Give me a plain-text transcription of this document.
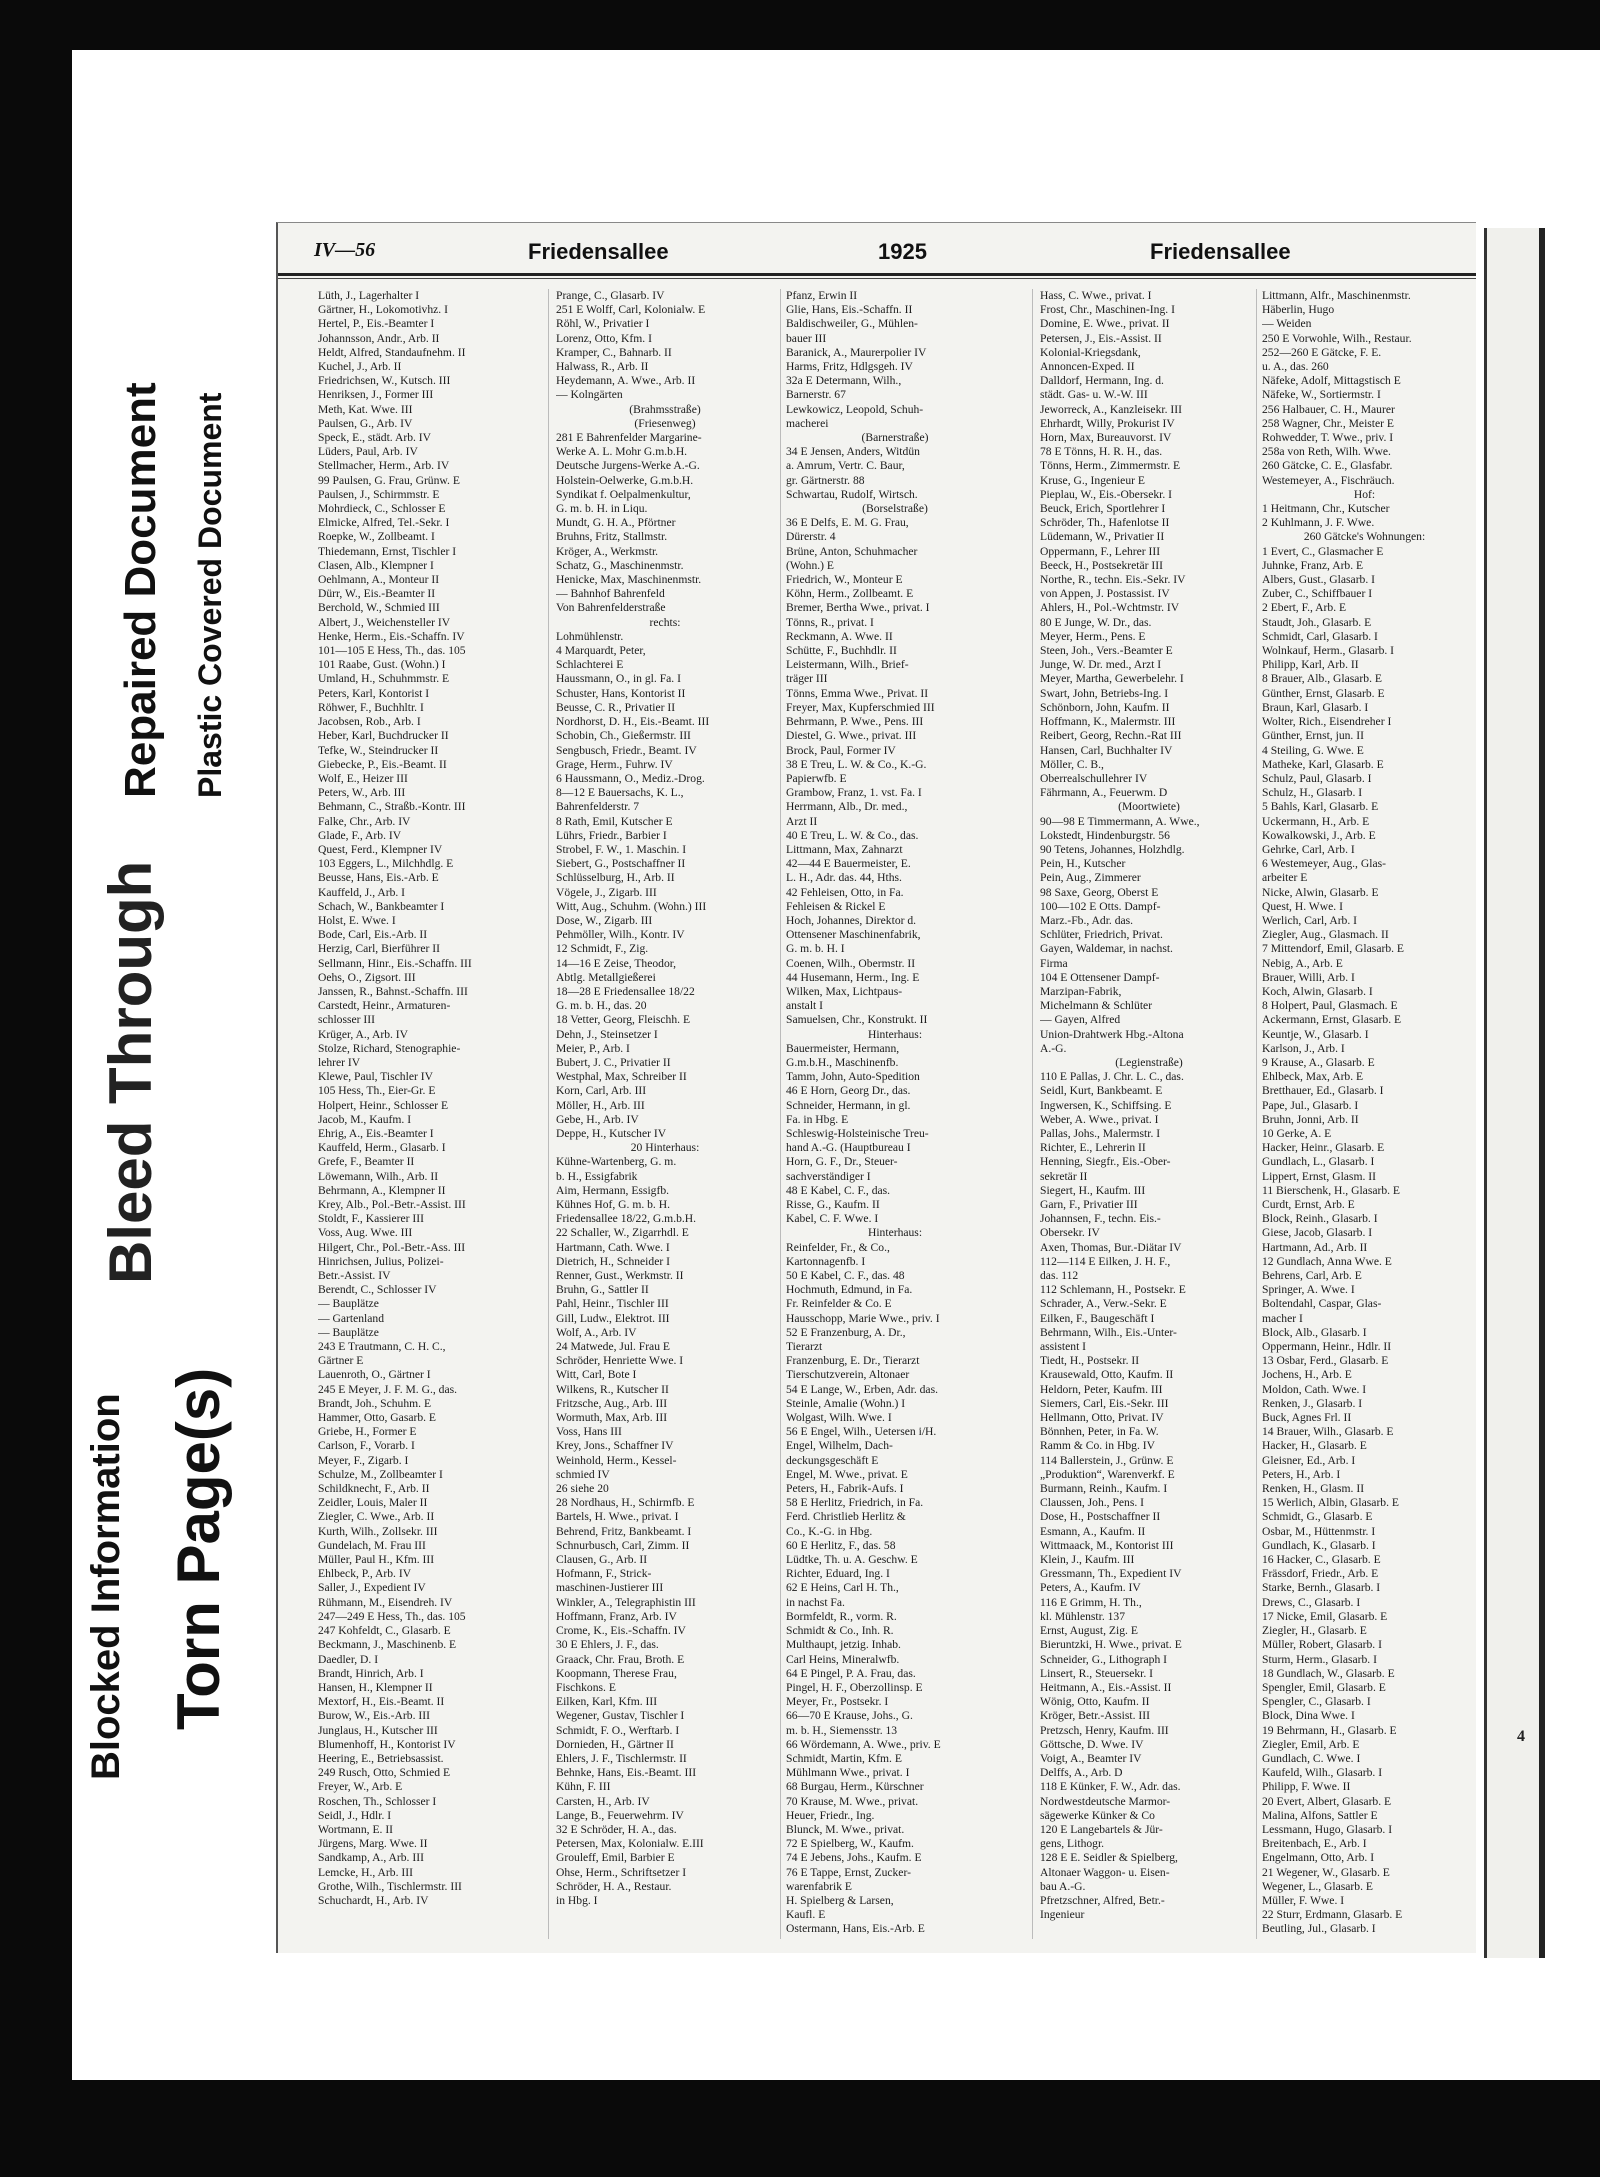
Blocked Information
Bleed Through
Repaired Document
Torn Page(s)
Plastic Covered Document
IV—56	Friedensallee	1925	Friedensallee
Lüth, J., Lagerhalter I
Gärtner, H., Lokomotivhz. I
Hertel, P., Eis.-Beamter I
Johannsson, Andr., Arb. II
Heldt, Alfred, Standaufnehm. II
Kuchel, J., Arb. II
Friedrichsen, W., Kutsch. III
Henriksen, J., Former III
Meth, Kat. Wwe. III
Paulsen, G., Arb. IV
Speck, E., städt. Arb. IV
Lüders, Paul, Arb. IV
Stellmacher, Herm., Arb. IV
99 Paulsen, G. Frau, Grünw. E
Paulsen, J., Schirmmstr. E
Mohrdieck, C., Schlosser E
Elmicke, Alfred, Tel.-Sekr. I
Roepke, W., Zollbeamt. I
Thiedemann, Ernst, Tischler I
Clasen, Alb., Klempner I
Oehlmann, A., Monteur II
Dürr, W., Eis.-Beamter II
Berchold, W., Schmied III
Albert, J., Weichensteller IV
Henke, Herm., Eis.-Schaffn. IV
101—105 E Hess, Th., das. 105
101 Raabe, Gust. (Wohn.) I
Umland, H., Schuhmmstr. E
Peters, Karl, Kontorist I
Röhwer, F., Buchhltr. I
Jacobsen, Rob., Arb. I
Heber, Karl, Buchdrucker II
Tefke, W., Steindrucker II
Giebecke, P., Eis.-Beamt. II
Wolf, E., Heizer III
Peters, W., Arb. III
Behmann, C., Straßb.-Kontr. III
Falke, Chr., Arb. IV
Glade, F., Arb. IV
Quest, Ferd., Klempner IV
103 Eggers, L., Milchhdlg. E
Beusse, Hans, Eis.-Arb. E
Kauffeld, J., Arb. I
Schach, W., Bankbeamter I
Holst, E. Wwe. I
Bode, Carl, Eis.-Arb. II
Herzig, Carl, Bierführer II
Sellmann, Hinr., Eis.-Schaffn. III
Oehs, O., Zigsort. III
Janssen, R., Bahnst.-Schaffn. III
Carstedt, Heinr., Armaturen-
schlosser III
Krüger, A., Arb. IV
Stolze, Richard, Stenographie-
lehrer IV
Klewe, Paul, Tischler IV
105 Hess, Th., Eier-Gr. E
Holpert, Heinr., Schlosser E
Jacob, M., Kaufm. I
Ehrig, A., Eis.-Beamter I
Kauffeld, Herm., Glasarb. I
Grefe, F., Beamter II
Löwemann, Wilh., Arb. II
Behrmann, A., Klempner II
Krey, Alb., Pol.-Betr.-Assist. III
Stoldt, F., Kassierer III
Voss, Aug. Wwe. III
Hilgert, Chr., Pol.-Betr.-Ass. III
Hinrichsen, Julius, Polizei-
Betr.-Assist. IV
Berendt, C., Schlosser IV
— Bauplätze
— Gartenland
— Bauplätze
243 E Trautmann, C. H. C.,
Gärtner E
Lauenroth, O., Gärtner I
245 E Meyer, J. F. M. G., das.
Brandt, Joh., Schuhm. E
Hammer, Otto, Gasarb. E
Griebe, H., Former E
Carlson, F., Vorarb. I
Meyer, F., Zigarb. I
Schulze, M., Zollbeamter I
Schildknecht, F., Arb. II
Zeidler, Louis, Maler II
Ziegler, C. Wwe., Arb. II
Kurth, Wilh., Zollsekr. III
Gundelach, M. Frau III
Müller, Paul H., Kfm. III
Ehlbeck, P., Arb. IV
Saller, J., Expedient IV
Rühmann, M., Eisendreh. IV
247—249 E Hess, Th., das. 105
247 Kohfeldt, C., Glasarb. E
Beckmann, J., Maschinenb. E
Daedler, D. I
Brandt, Hinrich, Arb. I
Hansen, H., Klempner II
Mextorf, H., Eis.-Beamt. II
Burow, W., Eis.-Arb. III
Junglaus, H., Kutscher III
Blumenhoff, H., Kontorist IV
Heering, E., Betriebsassist.
249 Rusch, Otto, Schmied E
Freyer, W., Arb. E
Roschen, Th., Schlosser I
Seidl, J., Hdlr. I
Wortmann, E. II
Jürgens, Marg. Wwe. II
Sandkamp, A., Arb. III
Lemcke, H., Arb. III
Grothe, Wilh., Tischlermstr. III
Schuchardt, H., Arb. IV
Prange, C., Glasarb. IV
251 E Wolff, Carl, Kolonialw. E
Röhl, W., Privatier I
Lorenz, Otto, Kfm. I
Kramper, C., Bahnarb. II
Halwass, R., Arb. II
Heydemann, A. Wwe., Arb. II
— Kolngärten
(Brahmsstraße)
(Friesenweg)
281 E Bahrenfelder Margarine-
Werke A. L. Mohr G.m.b.H.
Deutsche Jurgens-Werke A.-G.
Holstein-Oelwerke, G.m.b.H.
Syndikat f. Oelpalmenkultur,
G. m. b. H. in Liqu.
Mundt, G. H. A., Pförtner
Bruhns, Fritz, Stallmstr.
Kröger, A., Werkmstr.
Schatz, G., Maschinenmstr.
Henicke, Max, Maschinenmstr.
— Bahnhof Bahrenfeld
Von Bahrenfelderstraße
rechts:
Lohmühlenstr.
4 Marquardt, Peter,
Schlachterei E
Haussmann, O., in gl. Fa. I
Schuster, Hans, Kontorist II
Beusse, C. R., Privatier II
Nordhorst, D. H., Eis.-Beamt. III
Schobin, Ch., Gießermstr. III
Sengbusch, Friedr., Beamt. IV
Grage, Herm., Fuhrw. IV
6 Haussmann, O., Mediz.-Drog.
8—12 E Bauersachs, K. L.,
Bahrenfelderstr. 7
8 Rath, Emil, Kutscher E
Lührs, Friedr., Barbier I
Strobel, F. W., 1. Maschin. I
Siebert, G., Postschaffner II
Schlüsselburg, H., Arb. II
Vögele, J., Zigarb. III
Witt, Aug., Schuhm. (Wohn.) III
Dose, W., Zigarb. III
Pehmöller, Wilh., Kontr. IV
12 Schmidt, F., Zig.
14—16 E Zeise, Theodor,
Abtlg. Metallgießerei
18—28 E Friedensallee 18/22
G. m. b. H., das. 20
18 Vetter, Georg, Fleischh. E
Dehn, J., Steinsetzer I
Meier, P., Arb. I
Bubert, J. C., Privatier II
Westphal, Max, Schreiber II
Korn, Carl, Arb. III
Möller, H., Arb. III
Gebe, H., Arb. IV
Deppe, H., Kutscher IV
20 Hinterhaus:
Kühne-Wartenberg, G. m.
b. H., Essigfabrik
Aim, Hermann, Essigfb.
Kühnes Hof, G. m. b. H.
Friedensallee 18/22, G.m.b.H.
22 Schaller, W., Zigarrhdl. E
Hartmann, Cath. Wwe. I
Dietrich, H., Schneider I
Renner, Gust., Werkmstr. II
Bruhn, G., Sattler II
Pahl, Heinr., Tischler III
Gill, Ludw., Elektrot. III
Wolf, A., Arb. IV
24 Matwede, Jul. Frau E
Schröder, Henriette Wwe. I
Witt, Carl, Bote I
Wilkens, R., Kutscher II
Fritzsche, Aug., Arb. III
Wormuth, Max, Arb. III
Voss, Hans III
Krey, Jons., Schaffner IV
Weinhold, Herm., Kessel-
schmied IV
26 siehe 20
28 Nordhaus, H., Schirmfb. E
Bartels, H. Wwe., privat. I
Behrend, Fritz, Bankbeamt. I
Schnurbusch, Carl, Zimm. II
Clausen, G., Arb. II
Hofmann, F., Strick-
maschinen-Justierer III
Winkler, A., Telegraphistin III
Hoffmann, Franz, Arb. IV
Crome, K., Eis.-Schaffn. IV
30 E Ehlers, J. F., das.
Graack, Chr. Frau, Broth. E
Koopmann, Therese Frau,
Fischkons. E
Eilken, Karl, Kfm. III
Wegener, Gustav, Tischler I
Schmidt, F. O., Werftarb. I
Dornieden, H., Gärtner II
Ehlers, J. F., Tischlermstr. II
Behnke, Hans, Eis.-Beamt. III
Kühn, F. III
Carsten, H., Arb. IV
Lange, B., Feuerwehrm. IV
32 E Schröder, H. A., das.
Petersen, Max, Kolonialw. E.III
Grouleff, Emil, Barbier E
Ohse, Herm., Schriftsetzer I
Schröder, H. A., Restaur.
in Hbg. I
Pfanz, Erwin II
Glie, Hans, Eis.-Schaffn. II
Baldischweiler, G., Mühlen-
bauer III
Baranick, A., Maurerpolier IV
Harms, Fritz, Hdlgsgeh. IV
32a E Determann, Wilh.,
Barnerstr. 67
Lewkowicz, Leopold, Schuh-
macherei
(Barnerstraße)
34 E Jensen, Anders, Witdün
a. Amrum, Vertr. C. Baur,
gr. Gärtnerstr. 88
Schwartau, Rudolf, Wirtsch.
(Borselstraße)
36 E Delfs, E. M. G. Frau,
Dürerstr. 4
Brüne, Anton, Schuhmacher
(Wohn.) E
Friedrich, W., Monteur E
Köhn, Herm., Zollbeamt. E
Bremer, Bertha Wwe., privat. I
Tönns, R., privat. I
Reckmann, A. Wwe. II
Schütte, F., Buchhdlr. II
Leistermann, Wilh., Brief-
träger III
Tönns, Emma Wwe., Privat. II
Freyer, Max, Kupferschmied III
Behrmann, P. Wwe., Pens. III
Diestel, G. Wwe., privat. III
Brock, Paul, Former IV
38 E Treu, L. W. & Co., K.-G.
Papierwfb. E
Grambow, Franz, 1. vst. Fa. I
Herrmann, Alb., Dr. med.,
Arzt II
40 E Treu, L. W. & Co., das.
Littmann, Max, Zahnarzt
42—44 E Bauermeister, E.
L. H., Adr. das. 44, Hths.
42 Fehleisen, Otto, in Fa.
Fehleisen & Rickel E
Hoch, Johannes, Direktor d.
Ottensener Maschinenfabrik,
G. m. b. H. I
Coenen, Wilh., Obermstr. II
44 Husemann, Herm., Ing. E
Wilken, Max, Lichtpaus-
anstalt I
Samuelsen, Chr., Konstrukt. II
Hinterhaus:
Bauermeister, Hermann,
G.m.b.H., Maschinenfb.
Tamm, John, Auto-Spedition
46 E Horn, Georg Dr., das.
Schneider, Hermann, in gl.
Fa. in Hbg. E
Schleswig-Holsteinische Treu-
hand A.-G. (Hauptbureau I
Horn, G. F., Dr., Steuer-
sachverständiger I
48 E Kabel, C. F., das.
Risse, G., Kaufm. II
Kabel, C. F. Wwe. I
Hinterhaus:
Reinfelder, Fr., & Co.,
Kartonnagenfb. I
50 E Kabel, C. F., das. 48
Hochmuth, Edmund, in Fa.
Fr. Reinfelder & Co. E
Hausschopp, Marie Wwe., priv. I
52 E Franzenburg, A. Dr.,
Tierarzt
Franzenburg, E. Dr., Tierarzt
Tierschutzverein, Altonaer
54 E Lange, W., Erben, Adr. das.
Steinle, Amalie (Wohn.) I
Wolgast, Wilh. Wwe. I
56 E Engel, Wilh., Uetersen i/H.
Engel, Wilhelm, Dach-
deckungsgeschäft E
Engel, M. Wwe., privat. E
Peters, H., Fabrik-Aufs. I
58 E Herlitz, Friedrich, in Fa.
Ferd. Christlieb Herlitz &
Co., K.-G. in Hbg.
60 E Herlitz, F., das. 58
Lüdtke, Th. u. A. Geschw. E
Richter, Eduard, Ing. I
62 E Heins, Carl H. Th.,
in nachst Fa.
Bormfeldt, R., vorm. R.
Schmidt & Co., Inh. R.
Multhaupt, jetzig. Inhab.
Carl Heins, Mineralwfb.
64 E Pingel, P. A. Frau, das.
Pingel, H. F., Oberzollinsp. E
Meyer, Fr., Postsekr. I
66—70 E Krause, Johs., G.
m. b. H., Siemensstr. 13
66 Wördemann, A. Wwe., priv. E
Schmidt, Martin, Kfm. E
Mühlmann Wwe., privat. I
68 Burgau, Herm., Kürschner
70 Krause, M. Wwe., privat.
Heuer, Friedr., Ing.
Blunck, M. Wwe., privat.
72 E Spielberg, W., Kaufm.
74 E Jebens, Johs., Kaufm. E
76 E Tappe, Ernst, Zucker-
warenfabrik E
H. Spielberg & Larsen,
Kaufl. E
Ostermann, Hans, Eis.-Arb. E
Hass, C. Wwe., privat. I
Frost, Chr., Maschinen-Ing. I
Domine, E. Wwe., privat. II
Petersen, J., Eis.-Assist. II
Kolonial-Kriegsdank,
Annoncen-Exped. II
Dalldorf, Hermann, Ing. d.
städt. Gas- u. W.-W. III
Jeworreck, A., Kanzleisekr. III
Ehrhardt, Willy, Prokurist IV
Horn, Max, Bureauvorst. IV
78 E Tönns, H. R. H., das.
Tönns, Herm., Zimmermstr. E
Kruse, G., Ingenieur E
Pieplau, W., Eis.-Obersekr. I
Beuck, Erich, Sportlehrer I
Schröder, Th., Hafenlotse II
Lüdemann, W., Privatier II
Oppermann, F., Lehrer III
Beeck, H., Postsekretär III
Northe, R., techn. Eis.-Sekr. IV
von Appen, J. Postassist. IV
Ahlers, H., Pol.-Wchtmstr. IV
80 E Junge, W. Dr., das.
Meyer, Herm., Pens. E
Steen, Joh., Vers.-Beamter E
Junge, W. Dr. med., Arzt I
Meyer, Martha, Gewerbelehr. I
Swart, John, Betriebs-Ing. I
Schönborn, John, Kaufm. II
Hoffmann, K., Malermstr. III
Reibert, Georg, Rechn.-Rat III
Hansen, Carl, Buchhalter IV
Möller, C. B.,
Oberrealschullehrer IV
Fährmann, A., Feuerwm. D
(Moortwiete)
90—98 E Timmermann, A. Wwe.,
Lokstedt, Hindenburgstr. 56
90 Tetens, Johannes, Holzhdlg.
Pein, H., Kutscher
Pein, Aug., Zimmerer
98 Saxe, Georg, Oberst E
100—102 E Otts. Dampf-
Marz.-Fb., Adr. das.
Schlüter, Friedrich, Privat.
Gayen, Waldemar, in nachst.
Firma
104 E Ottensener Dampf-
Marzipan-Fabrik,
Michelmann & Schlüter
— Gayen, Alfred
Union-Drahtwerk Hbg.-Altona
A.-G.
(Legienstraße)
110 E Pallas, J. Chr. L. C., das.
Seidl, Kurt, Bankbeamt. E
Ingwersen, K., Schiffsing. E
Weber, A. Wwe., privat. I
Pallas, Johs., Malermstr. I
Richter, E., Lehrerin II
Henning, Siegfr., Eis.-Ober-
sekretär II
Siegert, H., Kaufm. III
Garn, F., Privatier III
Johannsen, F., techn. Eis.-
Obersekr. IV
Axen, Thomas, Bur.-Diätar IV
112—114 E Eilken, J. H. F.,
das. 112
112 Schlemann, H., Postsekr. E
Schrader, A., Verw.-Sekr. E
Eilken, F., Baugeschäft I
Behrmann, Wilh., Eis.-Unter-
assistent I
Tiedt, H., Postsekr. II
Krausewald, Otto, Kaufm. II
Heldorn, Peter, Kaufm. III
Siemers, Carl, Eis.-Sekr. III
Hellmann, Otto, Privat. IV
Bönnhen, Peter, in Fa. W.
Ramm & Co. in Hbg. IV
114 Ballerstein, J., Grünw. E
„Produktion“, Warenverkf. E
Burmann, Reinh., Kaufm. I
Claussen, Joh., Pens. I
Dose, H., Postschaffner II
Esmann, A., Kaufm. II
Wittmaack, M., Kontorist III
Klein, J., Kaufm. III
Gressmann, Th., Expedient IV
Peters, A., Kaufm. IV
116 E Grimm, H. Th.,
kl. Mühlenstr. 137
Ernst, August, Zig. E
Bieruntzki, H. Wwe., privat. E
Schneider, G., Lithograph I
Linsert, R., Steuersekr. I
Heitmann, A., Eis.-Assist. II
Wönig, Otto, Kaufm. II
Kröger, Betr.-Assist. III
Pretzsch, Henry, Kaufm. III
Göttsche, D. Wwe. IV
Voigt, A., Beamter IV
Delffs, A., Arb. D
118 E Künker, F. W., Adr. das.
Nordwestdeutsche Marmor-
sägewerke Künker & Co
120 E Langebartels & Jür-
gens, Lithogr.
128 E E. Seidler & Spielberg,
Altonaer Waggon- u. Eisen-
bau A.-G.
Pfretzschner, Alfred, Betr.-
Ingenieur
Littmann, Alfr., Maschinenmstr.
Häberlin, Hugo
— Weiden
250 E Vorwohle, Wilh., Restaur.
252—260 E Gätcke, F. E.
u. A., das. 260
Näfeke, Adolf, Mittagstisch E
Näfeke, W., Sortiermstr. I
256 Halbauer, C. H., Maurer
258 Wagner, Chr., Meister E
Rohwedder, T. Wwe., priv. I
258a von Reth, Wilh. Wwe.
260 Gätcke, C. E., Glasfabr.
Westemeyer, A., Fischräuch.
Hof:
1 Heitmann, Chr., Kutscher
2 Kuhlmann, J. F. Wwe.
260 Gätcke's Wohnungen:
1 Evert, C., Glasmacher E
Juhnke, Franz, Arb. E
Albers, Gust., Glasarb. I
Zuber, C., Schiffbauer I
2 Ebert, F., Arb. E
Staudt, Joh., Glasarb. E
Schmidt, Carl, Glasarb. I
Wolnkauf, Herm., Glasarb. I
Philipp, Karl, Arb. II
8 Brauer, Alb., Glasarb. E
Günther, Ernst, Glasarb. E
Braun, Karl, Glasarb. I
Wolter, Rich., Eisendreher I
Günther, Ernst, jun. II
4 Steiling, G. Wwe. E
Matheke, Karl, Glasarb. E
Schulz, Paul, Glasarb. I
Schulz, H., Glasarb. I
5 Bahls, Karl, Glasarb. E
Uckermann, H., Arb. E
Kowalkowski, J., Arb. E
Gehrke, Carl, Arb. I
6 Westemeyer, Aug., Glas-
arbeiter E
Nicke, Alwin, Glasarb. E
Quest, H. Wwe. I
Werlich, Carl, Arb. I
Ziegler, Aug., Glasmach. II
7 Mittendorf, Emil, Glasarb. E
Nebig, A., Arb. E
Brauer, Willi, Arb. I
Koch, Alwin, Glasarb. I
8 Holpert, Paul, Glasmach. E
Ackermann, Ernst, Glasarb. E
Keuntje, W., Glasarb. I
Karlson, J., Arb. I
9 Krause, A., Glasarb. E
Ehlbeck, Max, Arb. E
Bretthauer, Ed., Glasarb. I
Pape, Jul., Glasarb. I
Bruhn, Jonni, Arb. II
10 Gerke, A. E
Hacker, Heinr., Glasarb. E
Gundlach, L., Glasarb. I
Lippert, Ernst, Glasm. II
11 Bierschenk, H., Glasarb. E
Curdt, Ernst, Arb. E
Block, Reinh., Glasarb. I
Giese, Jacob, Glasarb. I
Hartmann, Ad., Arb. II
12 Gundlach, Anna Wwe. E
Behrens, Carl, Arb. E
Springer, A. Wwe. I
Boltendahl, Caspar, Glas-
macher I
Block, Alb., Glasarb. I
Oppermann, Heinr., Hdlr. II
13 Osbar, Ferd., Glasarb. E
Jochens, H., Arb. E
Moldon, Cath. Wwe. I
Renken, J., Glasarb. I
Buck, Agnes Frl. II
14 Brauer, Wilh., Glasarb. E
Hacker, H., Glasarb. E
Gleisner, Ed., Arb. I
Peters, H., Arb. I
Renken, H., Glasm. II
15 Werlich, Albin, Glasarb. E
Schmidt, G., Glasarb. E
Osbar, M., Hüttenmstr. I
Gundlach, K., Glasarb. I
16 Hacker, C., Glasarb. E
Frässdorf, Friedr., Arb. E
Starke, Bernh., Glasarb. I
Drews, C., Glasarb. I
17 Nicke, Emil, Glasarb. E
Ziegler, H., Glasarb. E
Müller, Robert, Glasarb. I
Sturm, Herm., Glasarb. I
18 Gundlach, W., Glasarb. E
Spengler, Emil, Glasarb. E
Spengler, C., Glasarb. I
Block, Dina Wwe. I
19 Behrmann, H., Glasarb. E
Ziegler, Emil, Arb. E
Gundlach, C. Wwe. I
Kaufeld, Wilh., Glasarb. I
Philipp, F. Wwe. II
20 Evert, Albert, Glasarb. E
Malina, Alfons, Sattler E
Lessmann, Hugo, Glasarb. I
Breitenbach, E., Arb. I
Engelmann, Otto, Arb. I
21 Wegener, W., Glasarb. E
Wegener, L., Glasarb. E
Müller, F. Wwe. I
22 Sturr, Erdmann, Glasarb. E
Beutling, Jul., Glasarb. I
4
